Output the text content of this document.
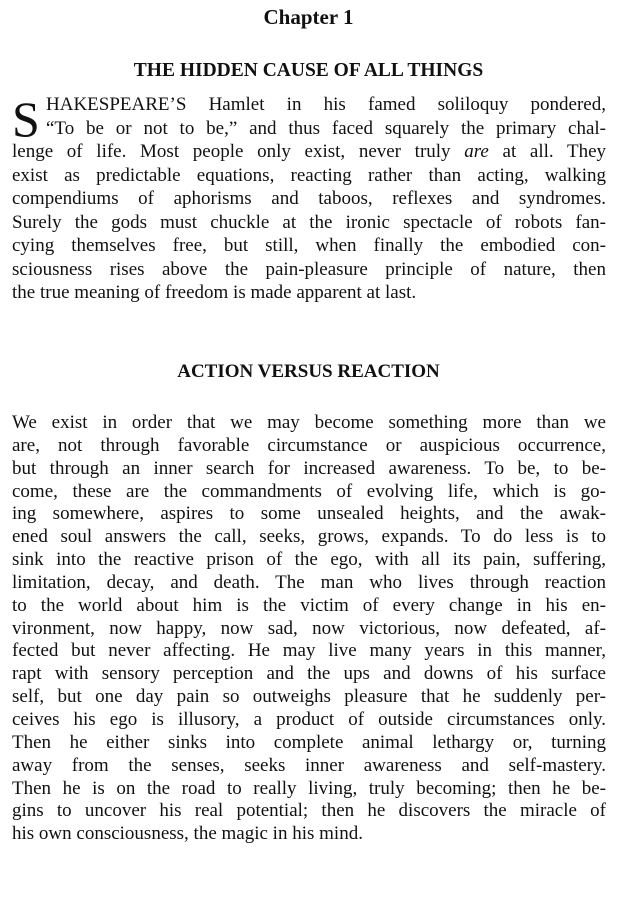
Chapter 1
THE HIDDEN CAUSE OF ALL THINGS
S HAKESPEARE’S Hamlet in his famed soliloquy pondered,
“To be or not to be,” and thus faced squarely the primary chal-
lenge of life. Most people only exist, never truly are at all. They
exist as predictable equations, reacting rather than acting, walking
compendiums of aphorisms and taboos, reflexes and syndromes.
Surely the gods must chuckle at the ironic spectacle of robots fan-
cying themselves free, but still, when finally the embodied con-
sciousness rises above the pain-pleasure principle of nature, then
the true meaning of freedom is made apparent at last.
ACTION VERSUS REACTION
We exist in order that we may become something more than we
are, not through favorable circumstance or auspicious occurrence,
but through an inner search for increased awareness. To be, to be-
come, these are the commandments of evolving life, which is go-
ing somewhere, aspires to some unsealed heights, and the awak-
ened soul answers the call, seeks, grows, expands. To do less is to
sink into the reactive prison of the ego, with all its pain, suffering,
limitation, decay, and death. The man who lives through reaction
to the world about him is the victim of every change in his en-
vironment, now happy, now sad, now victorious, now defeated, af-
fected but never affecting. He may live many years in this manner,
rapt with sensory perception and the ups and downs of his surface
self, but one day pain so outweighs pleasure that he suddenly per-
ceives his ego is illusory, a product of outside circumstances only.
Then he either sinks into complete animal lethargy or, turning
away from the senses, seeks inner awareness and self-mastery.
Then he is on the road to really living, truly becoming; then he be-
gins to uncover his real potential; then he discovers the miracle of
his own consciousness, the magic in his mind.
